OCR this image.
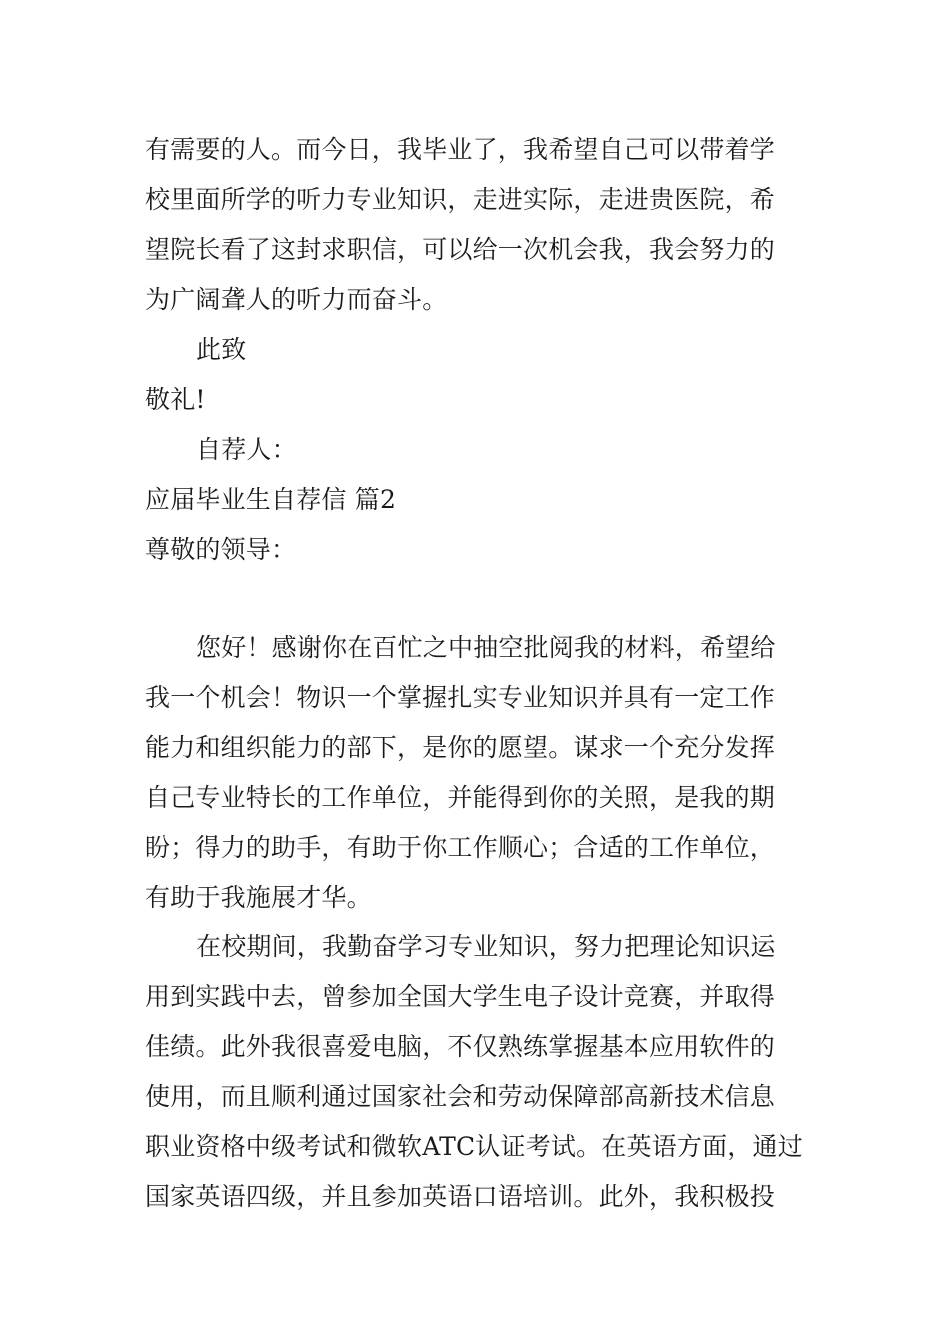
有需要的人。而今日，我毕业了，我希望自己可以带着学
校里面所学的听力专业知识，走进实际，走进贵医院，希
望院长看了这封求职信，可以给一次机会我，我会努力的
为广阔聋人的听力而奋斗。
此致
敬礼!
自荐人：
应届毕业生自荐信 篇2
尊敬的领导：
您好！感谢你在百忙之中抽空批阅我的材料，希望给
我一个机会！物识一个掌握扎实专业知识并具有一定工作
能力和组织能力的部下，是你的愿望。谋求一个充分发挥
自己专业特长的工作单位，并能得到你的关照，是我的期
盼；得力的助手，有助于你工作顺心；合适的工作单位，
有助于我施展才华。
在校期间，我勤奋学习专业知识，努力把理论知识运
用到实践中去，曾参加全国大学生电子设计竞赛，并取得
佳绩。此外我很喜爱电脑，不仅熟练掌握基本应用软件的
使用，而且顺利通过国家社会和劳动保障部高新技术信息
职业资格中级考试和微软ATC认证考试。在英语方面，通过
国家英语四级，并且参加英语口语培训。此外，我积极投
